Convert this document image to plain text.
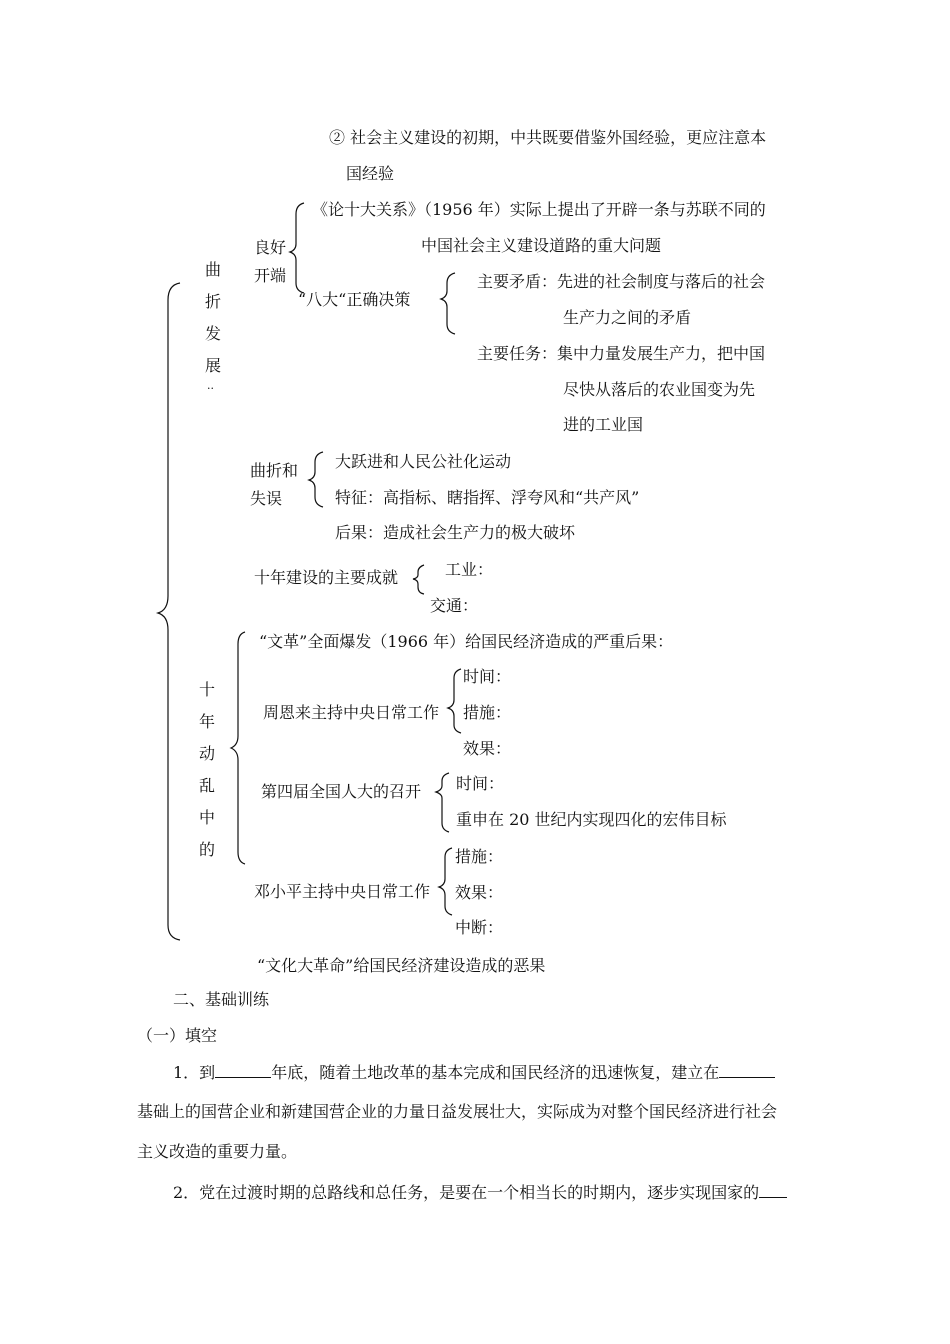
② 社会主义建设的初期，中共既要借鉴外国经验，更应注意本
国经验
曲
折
发
展
··
良好
开端
《论十大关系》（1956 年）实际上提出了开辟一条与苏联不同的
中国社会主义建设道路的重大问题
“八大“正确决策
主要矛盾： 先进的社会制度与落后的社会
生产力之间的矛盾
主要任务： 集中力量发展生产力，把中国
尽快从落后的农业国变为先
进的工业国
曲折和
失误
大跃进和人民公社化运动
特征：高指标、瞎指挥、浮夸风和“共产风”
后果：造成社会生产力的极大破坏
十年建设的主要成就	工业：
交通：
“文革”全面爆发（1966 年）给国民经济造成的严重后果：
十
年
动
乱
中
的
周恩来主持中央日常工作
时间：
措施：
效果：
第四届全国人大的召开 时间：
重申在 20 世纪内实现四化的宏伟目标
邓小平主持中央日常工作
措施：
效果：
中断：
“文化大革命”给国民经济建设造成的恶果
二、基础训练
（一）填空
1．到	年底，随着土地改革的基本完成和国民经济的迅速恢复，建立在
基础上的国营企业和新建国营企业的力量日益发展壮大，实际成为对整个国民经济进行社会
主义改造的重要力量。
2．党在过渡时期的总路线和总任务，是要在一个相当长的时期内，逐步实现国家的
